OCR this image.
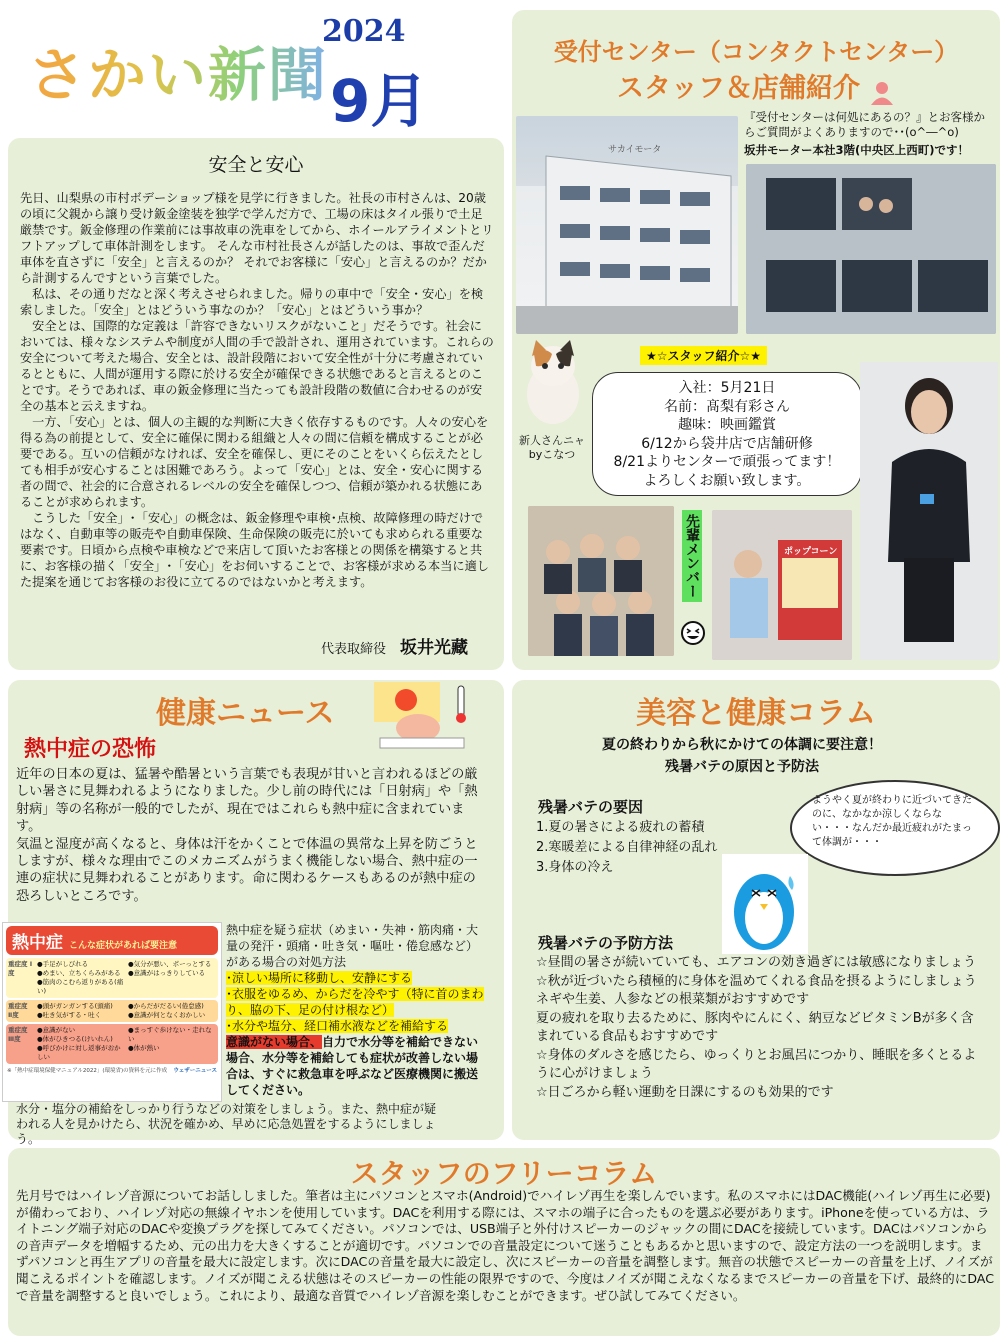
さかい新聞
2024
9月
安全と安心

先日、山梨県の市村ボデーショップ様を見学に行きました。社長の市村さんは、20歳の頃に父親から譲り受け鈑金塗装を独学で学んだ方で、工場の床はタイル張りで土足厳禁です。鈑金修理の作業前には事故車の洗車をしてから、ホイールアライメントとリフトアップして車体計測をします。 そんな市村社長さんが話したのは、事故で歪んだ車体を直さずに「安全」と言えるのか？ それでお客様に「安心」と言えるのか？だから計測するんですという言葉でした。

　私は、その通りだなと深く考えさせられました。帰りの車中で「安全・安心」を検索しました。「安全」とはどういう事なのか？「安心」とはどういう事か？

　安全とは、国際的な定義は「許容できないリスクがないこと」だそうです。社会においては、様々なシステムや制度が人間の手で設計され、運用されています。これらの安全について考えた場合、安全とは、設計段階において安全性が十分に考慮されているとともに、人間が運用する際に於ける安全が確保できる状態であると言えるとのことです。そうであれば、車の鈑金修理に当たっても設計段階の数値に合わせるのが安全の基本と云えますね。

　一方、「安心」とは、個人の主観的な判断に大きく依存するものです。人々の安心を得る為の前提として、安全に確保に関わる組織と人々の間に信頼を構成することが必要である。互いの信頼がなければ、安全を確保し、更にそのことをいくら伝えたとしても相手が安心することは困難であろう。よって「安心」とは、安全・安心に関する者の間で、社会的に合意されるレベルの安全を確保しつつ、信頼が築かれる状態にあることが求められます。

　こうした「安全」･「安心」の概念は、鈑金修理や車検･点検、故障修理の時だけではなく、自動車等の販売や自動車保険、生命保険の販売に於いても求められる重要な要素です。日頃から点検や車検などで来店して頂いたお客様との関係を構築すると共に、お客様の描く「安全」･「安心」をお伺いすることで、お客様が求める本当に適した提案を通じてお客様のお役に立てるのではないかと考えます。

代表取締役 坂井光藏
受付センター（コンタクトセンター）
スタッフ＆店舗紹介
サカイモータ
『受付センターは何処にあるの？』とお客様からご質問がよくありますので･･(o^―^o)
坂井モーター本社3階(中央区上西町)です！
新人さんニャ
byこなつ
★☆スタッフ紹介☆★
入社：5月21日
名前：髙梨有彩さん
趣味：映画鑑賞
6/12から袋井店で店舗研修
8/21よりセンターで頑張ってます！
よろしくお願い致します。
先輩メンバー	ポップコーン
健康ニュース
熱中症の恐怖

近年の日本の夏は、猛暑や酷暑という言葉でも表現が甘いと言われるほどの厳しい暑さに見舞われるようになりました。少し前の時代には「日射病」や「熱射病」等の名称が一般的でしたが、現在ではこれらも熱中症に含まれています。

気温と湿度が高くなると、身体は汗をかくことで体温の異常な上昇を防ごうとしますが、様々な理由でこのメカニズムがうまく機能しない場合、熱中症の一連の症状に見舞われることがあります。命に関わるケースもあるのが熱中症の恐ろしいところです。

熱中症 こんな症状があれば要注意
重症度 Ⅰ度
●手足がしびれる
●めまい、立ちくらみがある
●筋肉のこむら返りがある(痛い)
●気分が悪い、ボーっとする
●意識がはっきりしている
重症度 Ⅱ度
●頭がガンガンする(頭痛)
●吐き気がする・吐く
●からだがだるい(倦怠感)
●意識が何となくおかしい
重症度 Ⅲ度
●意識がない
●体がひきつる(けいれん)
●呼びかけに対し返事がおかしい
●まっすぐ歩けない・走れない
●体が熱い
※「熱中症環境保健マニュアル2022」(環境省)の資料を元に作成 ウェザーニュース
熱中症を疑う症状（めまい・失神・筋肉痛・大量の発汗・頭痛・吐き気・嘔吐・倦怠感など）がある場合の対処方法
･涼しい場所に移動し、安静にする
･衣服をゆるめ、からだを冷やす（特に首のまわり、脇の下、足の付け根など）
･水分や塩分、経口補水液などを補給する
意識がない場合、自力で水分等を補給できない場合、水分等を補給しても症状が改善しない場合は、すぐに救急車を呼ぶなど医療機関に搬送してください。
水分・塩分の補給をしっかり行うなどの対策をしましょう。また、熱中症が疑われる人を見かけたら、状況を確かめ、早めに応急処置をするようにしましょう。
美容と健康コラム
夏の終わりから秋にかけての体調に要注意！
残暑バテの原因と予防法
ようやく夏が終わりに近づいてきたのに、なかなか涼しくならない・・・なんだか最近疲れがたまって体調が・・・
残暑バテの要因
1.夏の暑さによる疲れの蓄積
2.寒暖差による自律神経の乱れ
3.身体の冷え
残暑バテの予防方法
☆昼間の暑さが続いていても、エアコンの効き過ぎには敏感になりましょう
☆秋が近づいたら積極的に身体を温めてくれる食品を摂るようにしましょう
ネギや生姜、人参などの根菜類がおすすめです
夏の疲れを取り去るために、豚肉やにんにく、納豆などビタミンBが多く含まれている食品もおすすめです
☆身体のダルさを感じたら、ゆっくりとお風呂につかり、睡眠を多くとるように心がけましょう
☆日ごろから軽い運動を日課にするのも効果的です
スタッフのフリーコラム
先月号ではハイレゾ音源についてお話ししました。筆者は主にパソコンとスマホ(Android)でハイレゾ再生を楽しんでいます。私のスマホにはDAC機能(ハイレゾ再生に必要)が備わっており、ハイレゾ対応の無線イヤホンを使用しています。DACを利用する際には、スマホの端子に合ったものを選ぶ必要があります。iPhoneを使っている方は、ライトニング端子対応のDACや変換プラグを探してみてください。パソコンでは、USB端子と外付けスピーカーのジャックの間にDACを接続しています。DACはパソコンからの音声データを増幅するため、元の出力を大きくすることが適切です。パソコンでの音量設定について迷うこともあるかと思いますので、設定方法の一つを説明します。まずパソコンと再生アプリの音量を最大に設定します。次にDACの音量を最大に設定し、次にスピーカーの音量を調整します。無音の状態でスピーカーの音量を上げ、ノイズが聞こえるポイントを確認します。ノイズが聞こえる状態はそのスピーカーの性能の限界ですので、今度はノイズが聞こえなくなるまでスピーカーの音量を下げ、最終的にDACで音量を調整すると良いでしょう。これにより、最適な音質でハイレゾ音源を楽しむことができます。ぜひ試してみてください。
